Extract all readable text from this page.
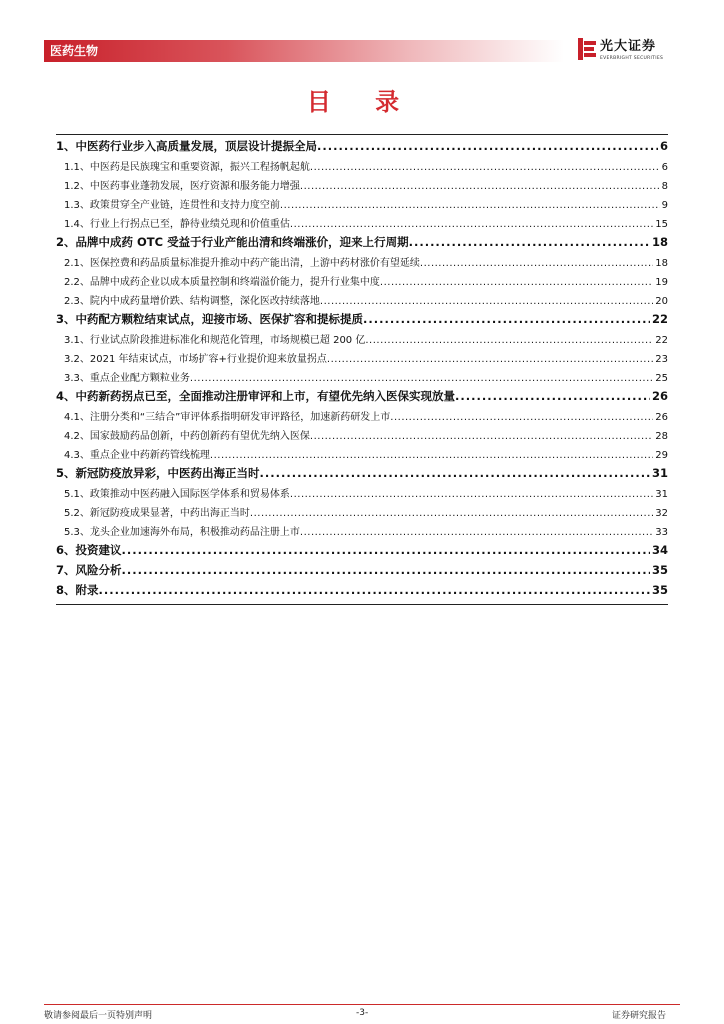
医药生物	光大证券
EVERBRIGHT SECURITIES
目 录
1、 中医药行业步入高质量发展，顶层设计提振全局 .....	6
1.1、 中医药是民族瑰宝和重要资源，振兴工程扬帆起航 .....	6
1.2、 中医药事业蓬勃发展，医疗资源和服务能力增强 .....	8
1.3、 政策贯穿全产业链，连贯性和支持力度空前 .....	9
1.4、 行业上行拐点已至，静待业绩兑现和价值重估 .....	15
2、 品牌中成药 OTC 受益于行业产能出清和终端涨价，迎来上行周期 .....	18
2.1、 医保控费和药品质量标准提升推动中药产能出清，上游中药材涨价有望延续 .....	18
2.2、 品牌中成药企业以成本质量控制和终端溢价能力，提升行业集中度 .....	19
2.3、 院内中成药量增价跌、结构调整，深化医改持续落地 .....	20
3、 中药配方颗粒结束试点，迎接市场、医保扩容和提标提质 .....	22
3.1、 行业试点阶段推进标准化和规范化管理，市场规模已超 200 亿 .....	22
3.2、 2021 年结束试点，市场扩容+行业提价迎来放量拐点 .....	23
3.3、 重点企业配方颗粒业务 .....	25
4、 中药新药拐点已至，全面推动注册审评和上市，有望优先纳入医保实现放量 .....	26
4.1、 注册分类和“三结合”审评体系指明研发审评路径，加速新药研发上市 .....	26
4.2、 国家鼓励药品创新，中药创新药有望优先纳入医保 .....	28
4.3、 重点企业中药新药管线梳理 .....	29
5、 新冠防疫放异彩，中医药出海正当时 .....	31
5.1、 政策推动中医药融入国际医学体系和贸易体系 .....	31
5.2、 新冠防疫成果显著，中药出海正当时 .....	32
5.3、 龙头企业加速海外布局，积极推动药品注册上市 .....	33
6、 投资建议 .....	34
7、 风险分析 .....	35
8、 附录 .....	35
敬请参阅最后一页特别声明	-3-	证券研究报告
